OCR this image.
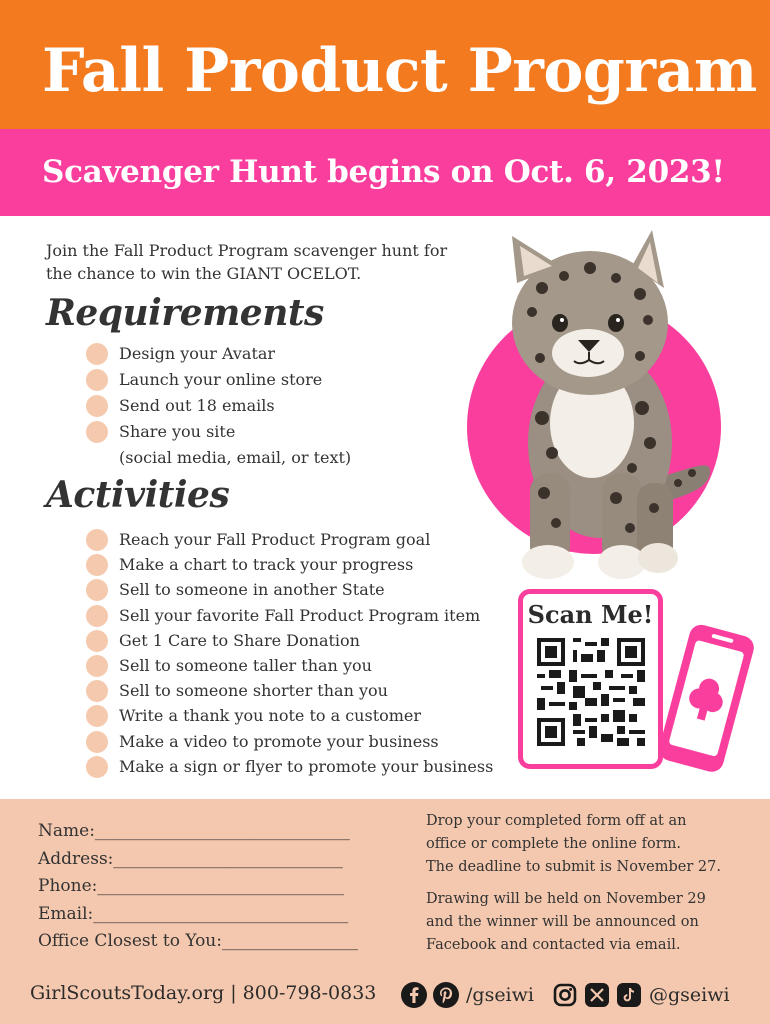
Fall Product Program
Scavenger Hunt begins on Oct. 6, 2023!
Join the Fall Product Program scavenger hunt for
the chance to win the GIANT OCELOT.
Requirements
Design your Avatar
Launch your online store
Send out 18 emails
Share you site
(social media, email, or text)
Activities
Reach your Fall Product Program goal
Make a chart to track your progress
Sell to someone in another State
Sell your favorite Fall Product Program item
Get 1 Care to Share Donation
Sell to someone taller than you
Sell to someone shorter than you
Write a thank you note to a customer
Make a video to promote your business
Make a sign or flyer to promote your business
Scan Me!
Name:______________________________
Address:___________________________
Phone:_____________________________
Email:______________________________
Office Closest to You:________________
Drop your completed form off at an
office or complete the online form.
The deadline to submit is November 27.
Drawing will be held on November 29
and the winner will be announced on
Facebook and contacted via email.
GirlScoutsToday.org | 800-798-0833	/gseiwi	@gseiwi
